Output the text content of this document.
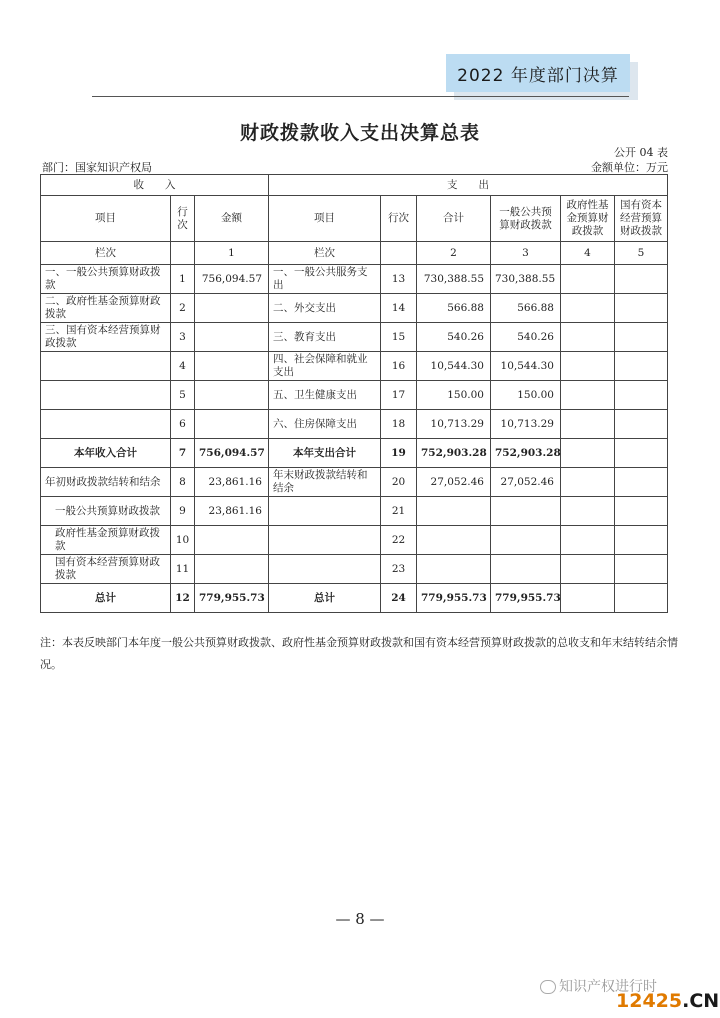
2022 年度部门决算
财政拨款收入支出决算总表
公开 04 表
部门：国家知识产权局	金额单位：万元
收　　入			支　　出					
项目	行次	金额	项目	行次	合计	一般公共预算财政拨款	政府性基金预算财政拨款	国有资本经营预算财政拨款
栏次		1	栏次		2	3	4	5
一、一般公共预算财政拨款	1	756,094.57	一、一般公共服务支出	13	730,388.55	730,388.55		
二、政府性基金预算财政拨款	2		二、外交支出	14	566.88	566.88		
三、国有资本经营预算财政拨款	3		三、教育支出	15	540.26	540.26		
	4		四、社会保障和就业支出	16	10,544.30	10,544.30		
	5		五、卫生健康支出	17	150.00	150.00		
	6		六、住房保障支出	18	10,713.29	10,713.29		
本年收入合计	7	756,094.57	本年支出合计	19	752,903.28	752,903.28		
年初财政拨款结转和结余	8	23,861.16	年末财政拨款结转和结余	20	27,052.46	27,052.46		
一般公共预算财政拨款	9	23,861.16		21				
政府性基金预算财政拨款	10			22				
国有资本经营预算财政拨款	11			23				
总计	12	779,955.73	总计	24	779,955.73	779,955.73		
注：本表反映部门本年度一般公共预算财政拨款、政府性基金预算财政拨款和国有资本经营预算财政拨款的总收支和年末结转结余情况。
— 8 —
知识产权进行时
12425.CN
